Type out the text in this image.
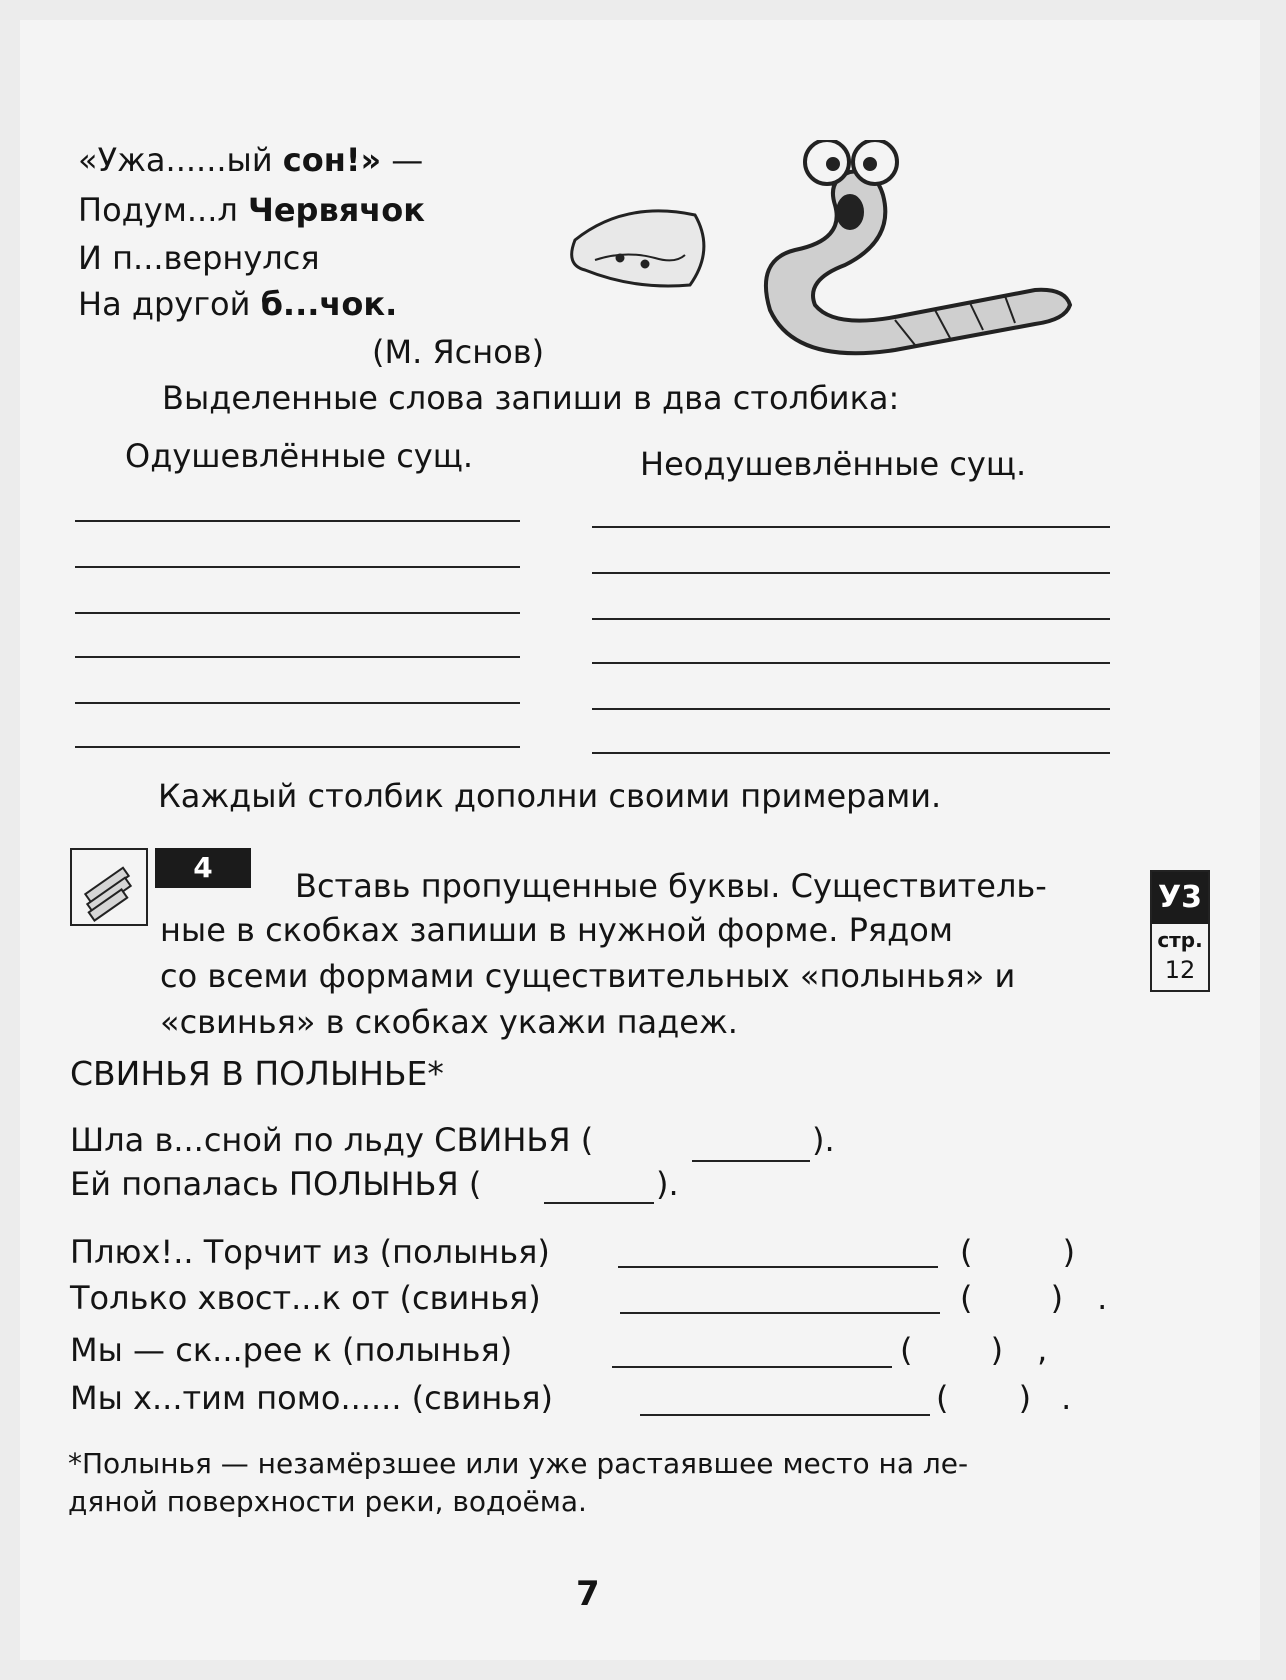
«Ужа......ый сон!» —
Подум...л Червячок
И п...вернулся
На другой б...чок.
(М. Яснов)
Выделенные слова запиши в два столбика:
Одушевлённые сущ.	Неодушевлённые сущ.
Каждый столбик дополни своими примерами.
У3
стр.
12
4	Вставь пропущенные буквы. Существитель-
ные в скобках запиши в нужной форме. Рядом
со всеми формами существительных «полынья» и
«свинья» в скобках укажи падеж.
СВИНЬЯ В ПОЛЫНЬЕ*
Шла в...сной по льду СВИНЬЯ (	).
Ей попалась ПОЛЫНЬЯ (	).
Плюх!.. Торчит из (полынья)	( )
Только хвост...к от (свинья)	( ).
Мы — ск...рее к (полынья)	( ),
Мы х...тим помо...... (свинья)	( ).
*Полынья — незамёрзшее или уже растаявшее место на ле-
дяной поверхности реки, водоёма.
7
